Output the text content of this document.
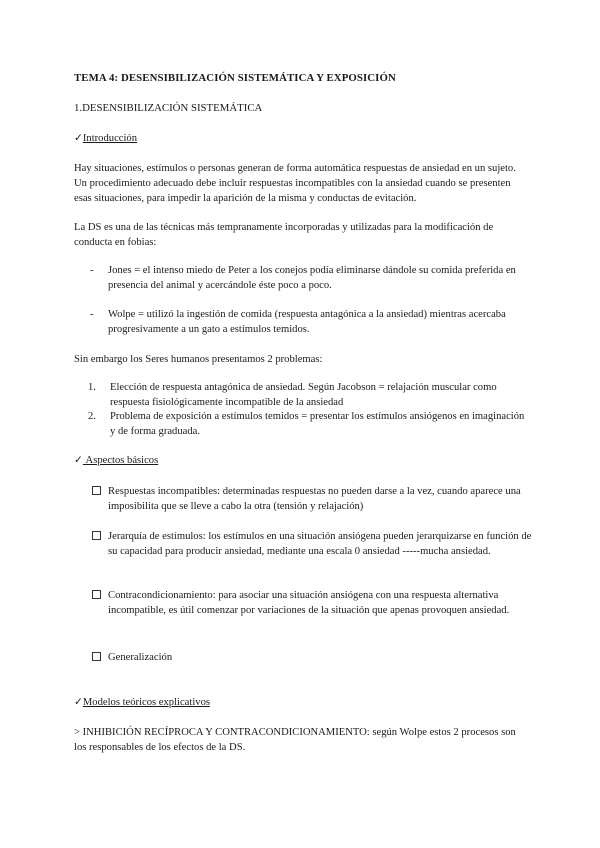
TEMA 4: DESENSIBILIZACIÓN SISTEMÁTICA Y EXPOSICIÓN
1.DESENSIBILIZACIÓN SISTEMÁTICA
✓Introducción
Hay situaciones, estímulos o personas generan de forma automática respuestas de ansiedad en un sujeto. Un procedimiento adecuado debe incluir respuestas incompatibles con la ansiedad cuando se presenten esas situaciones, para impedir la aparición de la misma y conductas de evitación.
La DS es una de las técnicas más tempranamente incorporadas y utilizadas para la modificación de conducta en fobias:
- Jones = el intenso miedo de Peter a los conejos podía eliminarse dándole su comida preferida en presencia del animal y acercándole éste poco a poco.
- Wolpe = utilizó la ingestión de comida (respuesta antagónica a la ansiedad) mientras acercaba progresivamente a un gato a estímulos temidos.
Sin embargo los Seres humanos presentamos 2 problemas:
1. Elección de respuesta antagónica de ansiedad. Según Jacobson = relajación muscular como respuesta fisiológicamente incompatible de la ansiedad
2. Problema de exposición a estímulos temidos = presentar los estímulos ansiógenos en imaginación y de forma graduada.
✓ Aspectos básicos
Respuestas incompatibles: determinadas respuestas no pueden darse a la vez, cuando aparece una imposibilita que se lleve a cabo la otra (tensión y relajación)
Jerarquía de estímulos: los estímulos en una situación ansiógena pueden jerarquizarse en función de su capacidad para producir ansiedad, mediante una escala 0 ansiedad -----mucha ansiedad.
Contracondicionamiento: para asociar una situación ansiógena con una respuesta alternativa incompatible, es útil comenzar por variaciones de la situación que apenas provoquen ansiedad.
Generalización
✓Modelos teóricos explicativos
> INHIBICIÓN RECÍPROCA Y CONTRACONDICIONAMIENTO: según Wolpe estos 2 procesos son los responsables de los efectos de la DS.
